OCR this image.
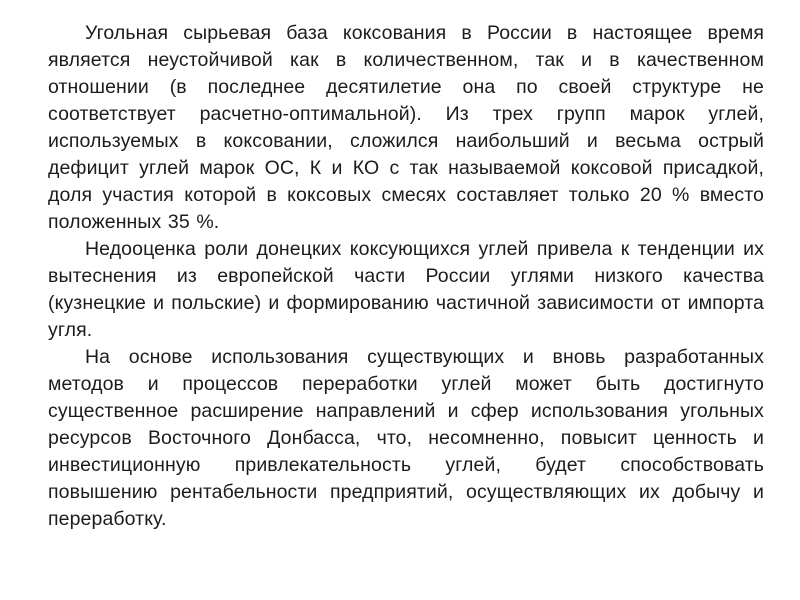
Угольная сырьевая база коксования в России в настоящее время является неустойчивой как в количественном, так и в качественном отношении (в последнее десятилетие она по своей структуре не соответствует расчетно-оптимальной). Из трех групп марок углей, используемых в коксовании, сложился наибольший и весьма острый дефицит углей марок ОС, К и КО с так называемой коксовой присадкой, доля участия которой в коксовых смесях составляет только 20 % вместо положенных 35 %.

Недооценка роли донецких коксующихся углей привела к тенденции их вытеснения из европейской части России углями низкого качества (кузнецкие и польские) и формированию частичной зависимости от импорта угля.

На основе использования существующих и вновь разработанных методов и процессов переработки углей может быть достигнуто существенное расширение направлений и сфер использования угольных ресурсов Восточного Донбасса, что, несомненно, повысит ценность и инвестиционную привлекательность углей, будет способствовать повышению рентабельности предприятий, осуществляющих их добычу и переработку.
